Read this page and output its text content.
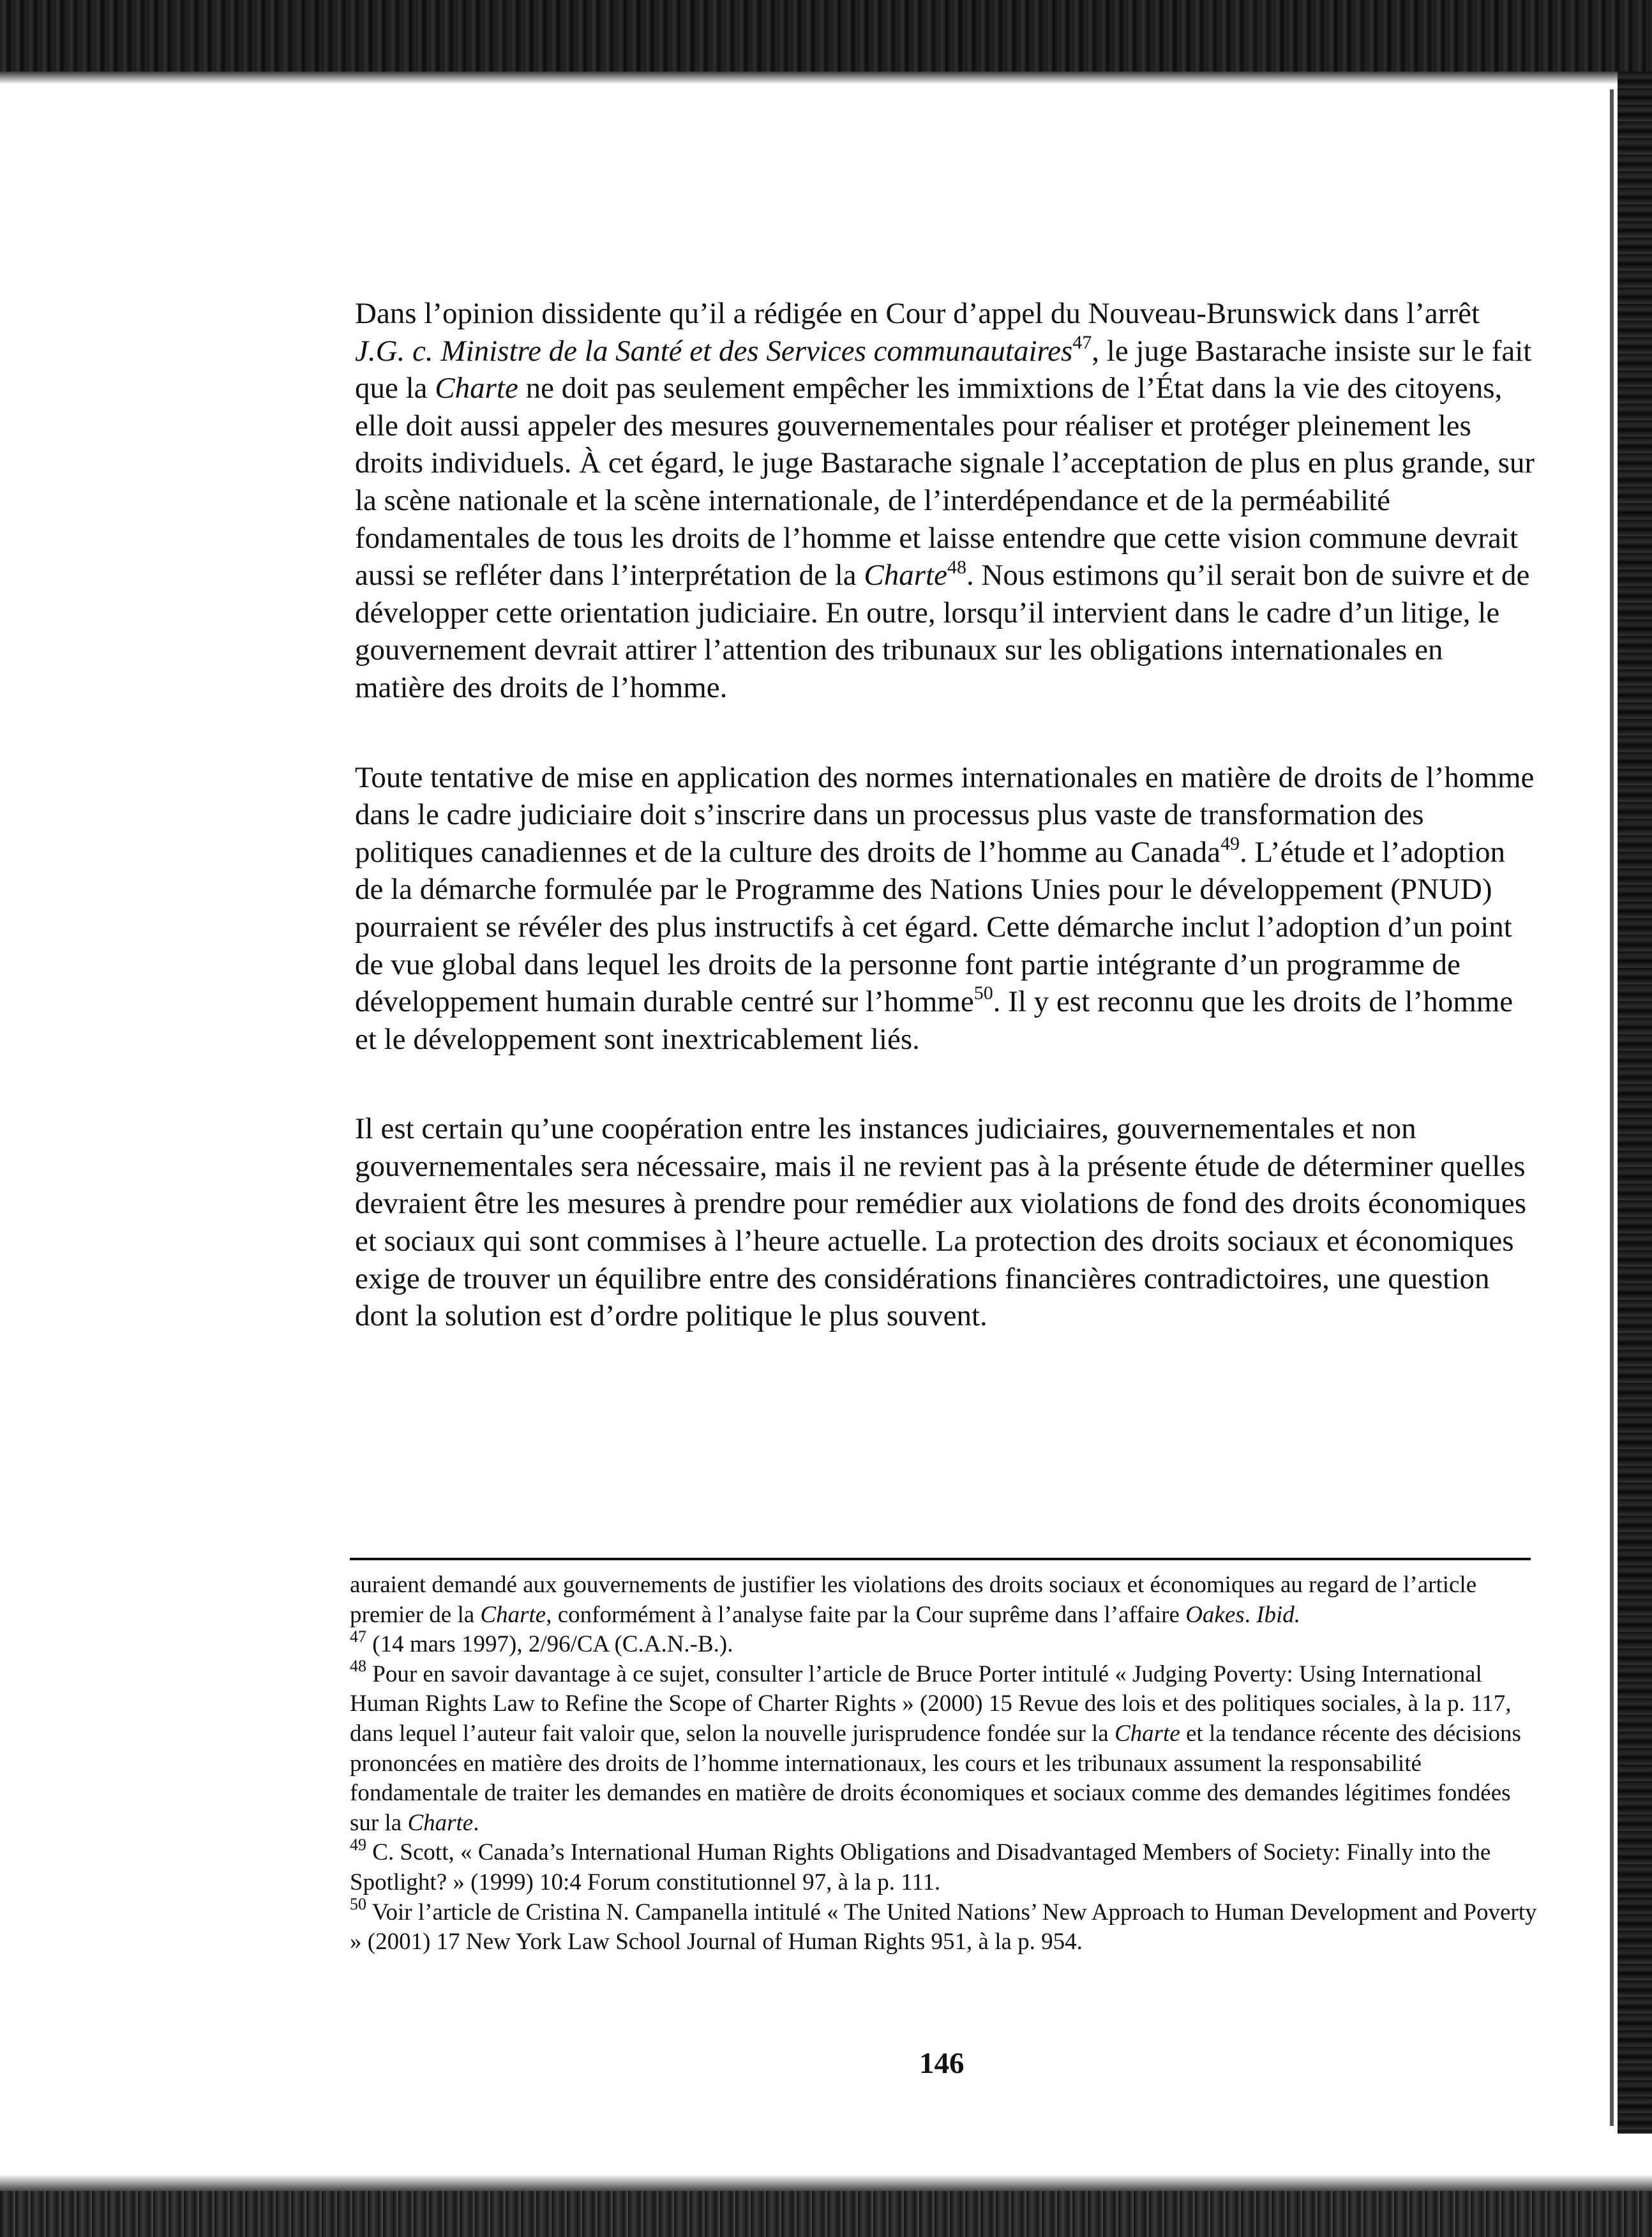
Dans l’opinion dissidente qu’il a rédigée en Cour d’appel du Nouveau-Brunswick dans l’arrêt J.G. c. Ministre de la Santé et des Services communautaires$^{47}$, le juge Bastarache insiste sur le fait que la Charte ne doit pas seulement empêcher les immixtions de l’État dans la vie des citoyens, elle doit aussi appeler des mesures gouvernementales pour réaliser et protéger pleinement les droits individuels. À cet égard, le juge Bastarache signale l’acceptation de plus en plus grande, sur la scène nationale et la scène internationale, de l’interdépendance et de la perméabilité fondamentales de tous les droits de l’homme et laisse entendre que cette vision commune devrait aussi se refléter dans l’interprétation de la Charte$^{48}$. Nous estimons qu’il serait bon de suivre et de développer cette orientation judiciaire. En outre, lorsqu’il intervient dans le cadre d’un litige, le gouvernement devrait attirer l’attention des tribunaux sur les obligations internationales en matière des droits de l’homme.

Toute tentative de mise en application des normes internationales en matière de droits de l’homme dans le cadre judiciaire doit s’inscrire dans un processus plus vaste de transformation des politiques canadiennes et de la culture des droits de l’homme au Canada$^{49}$. L’étude et l’adoption de la démarche formulée par le Programme des Nations Unies pour le développement (PNUD) pourraient se révéler des plus instructifs à cet égard. Cette démarche inclut l’adoption d’un point de vue global dans lequel les droits de la personne font partie intégrante d’un programme de développement humain durable centré sur l’homme$^{50}$. Il y est reconnu que les droits de l’homme et le développement sont inextricablement liés.

Il est certain qu’une coopération entre les instances judiciaires, gouvernementales et non gouvernementales sera nécessaire, mais il ne revient pas à la présente étude de déterminer quelles devraient être les mesures à prendre pour remédier aux violations de fond des droits économiques et sociaux qui sont commises à l’heure actuelle. La protection des droits sociaux et économiques exige de trouver un équilibre entre des considérations financières contradictoires, une question dont la solution est d’ordre politique le plus souvent.

auraient demandé aux gouvernements de justifier les violations des droits sociaux et économiques au regard de l’article premier de la Charte, conformément à l’analyse faite par la Cour suprême dans l’affaire Oakes. Ibid.

$^{47}$ (14 mars 1997), 2/96/CA (C.A.N.-B.).

$^{48}$ Pour en savoir davantage à ce sujet, consulter l’article de Bruce Porter intitulé « Judging Poverty: Using International Human Rights Law to Refine the Scope of Charter Rights » (2000) 15 Revue des lois et des politiques sociales, à la p. 117, dans lequel l’auteur fait valoir que, selon la nouvelle jurisprudence fondée sur la Charte et la tendance récente des décisions prononcées en matière des droits de l’homme internationaux, les cours et les tribunaux assument la responsabilité fondamentale de traiter les demandes en matière de droits économiques et sociaux comme des demandes légitimes fondées sur la Charte.

$^{49}$ C. Scott, « Canada’s International Human Rights Obligations and Disadvantaged Members of Society: Finally into the Spotlight? » (1999) 10:4 Forum constitutionnel 97, à la p. 111.

$^{50}$ Voir l’article de Cristina N. Campanella intitulé « The United Nations’ New Approach to Human Development and Poverty » (2001) 17 New York Law School Journal of Human Rights 951, à la p. 954.

146
